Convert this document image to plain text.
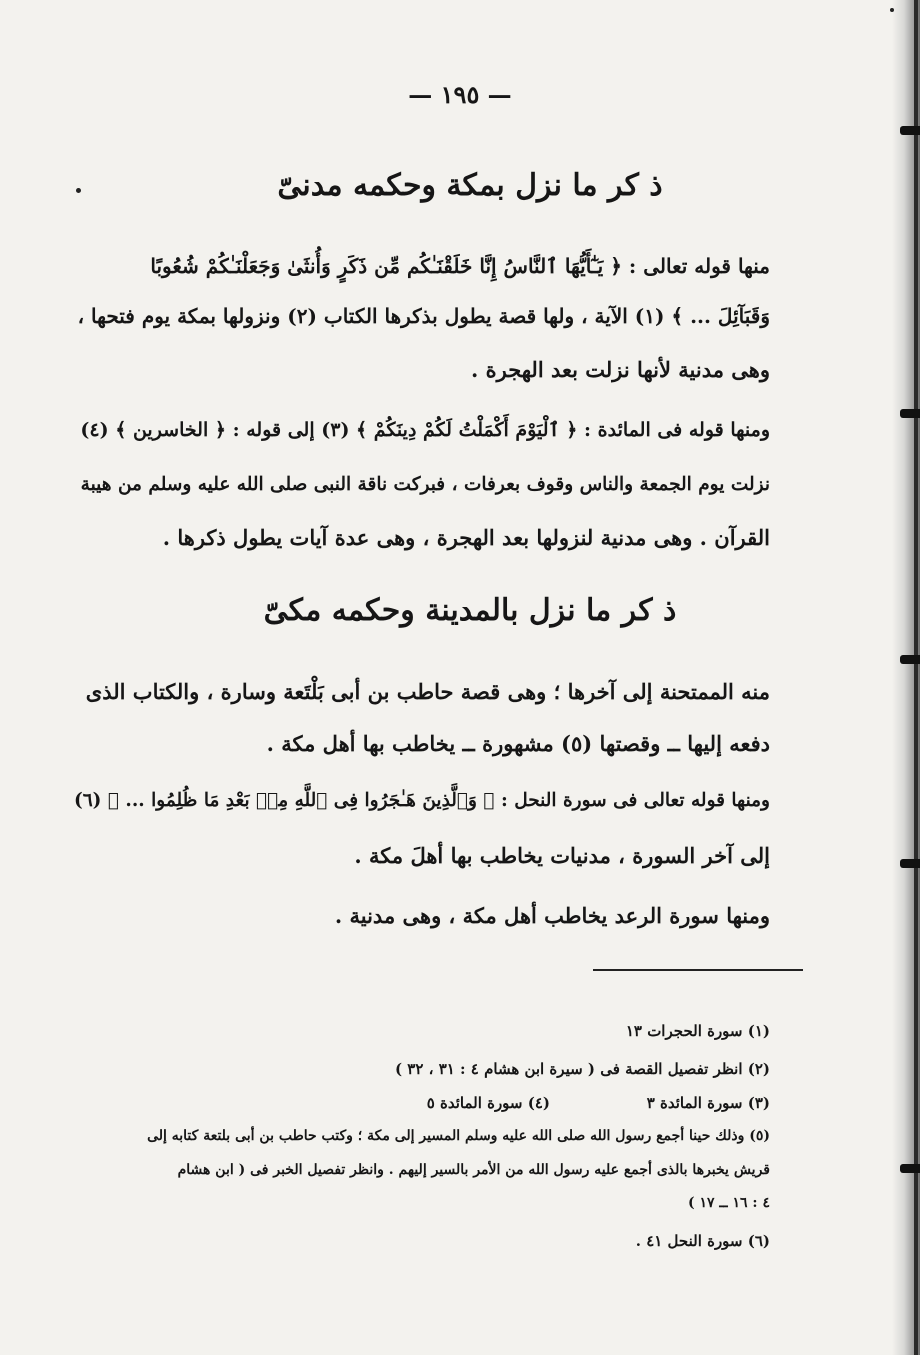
— ١٩٥ —
ذ كر ما نزل بمكة وحكمه مدنىّ
منها قوله تعالى : ﴿ يَـٰٓأَيُّهَا ٱلنَّاسُ إِنَّا خَلَقْنَـٰكُم مِّن ذَكَرٍ وَأُنثَىٰ وَجَعَلْنَـٰكُمْ شُعُوبًا
وَقَبَآئِلَ ... ﴾ (١) الآية ، ولها قصة يطول بذكرها الكتاب (٢) ونزولها بمكة يوم فتحها ،
وهى مدنية لأنها نزلت بعد الهجرة .
ومنها قوله فى المائدة : ﴿ ٱلْيَوْمَ أَكْمَلْتُ لَكُمْ دِينَكُمْ ﴾ (٣) إلى قوله : ﴿ الخاسرين ﴾ (٤)
نزلت يوم الجمعة والناس وقوف بعرفات ، فبركت ناقة النبى صلى الله عليه وسلم من هيبة
القرآن . وهى مدنية لنزولها بعد الهجرة ، وهى عدة آيات يطول ذكرها .
ذ كر ما نزل بالمدينة وحكمه مكىّ
منه الممتحنة إلى آخرها ؛ وهى قصة حاطب بن أبى بَلْتَعة وسارة ، والكتاب الذى
دفعه إليها ــ وقصتها (٥) مشهورة ــ يخاطب بها أهل مكة .
ومنها قوله تعالى فى سورة النحل : ﴿ وَٱلَّذِينَ هَـٰجَرُوا فِى ٱللَّهِ مِنۢ بَعْدِ مَا ظُلِمُوا ... ﴾ (٦)
إلى آخر السورة ، مدنيات يخاطب بها أهلَ مكة .
ومنها سورة الرعد يخاطب أهل مكة ، وهى مدنية .
(١) سورة الحجرات ١٣
(٢) انظر تفصيل القصة فى ( سيرة ابن هشام ٤ : ٣١ ، ٣٢ )
(٣) سورة المائدة ٣
(٤) سورة المائدة ٥
(٥) وذلك حينا أجمع رسول الله صلى الله عليه وسلم المسير إلى مكة ؛ وكتب حاطب بن أبى بلتعة كتابه إلى
قريش يخبرها بالذى أجمع عليه رسول الله من الأمر بالسير إليهم . وانظر تفصيل الخبر فى ( ابن هشام
٤ : ١٦ ــ ١٧ )
(٦) سورة النحل ٤١ .
